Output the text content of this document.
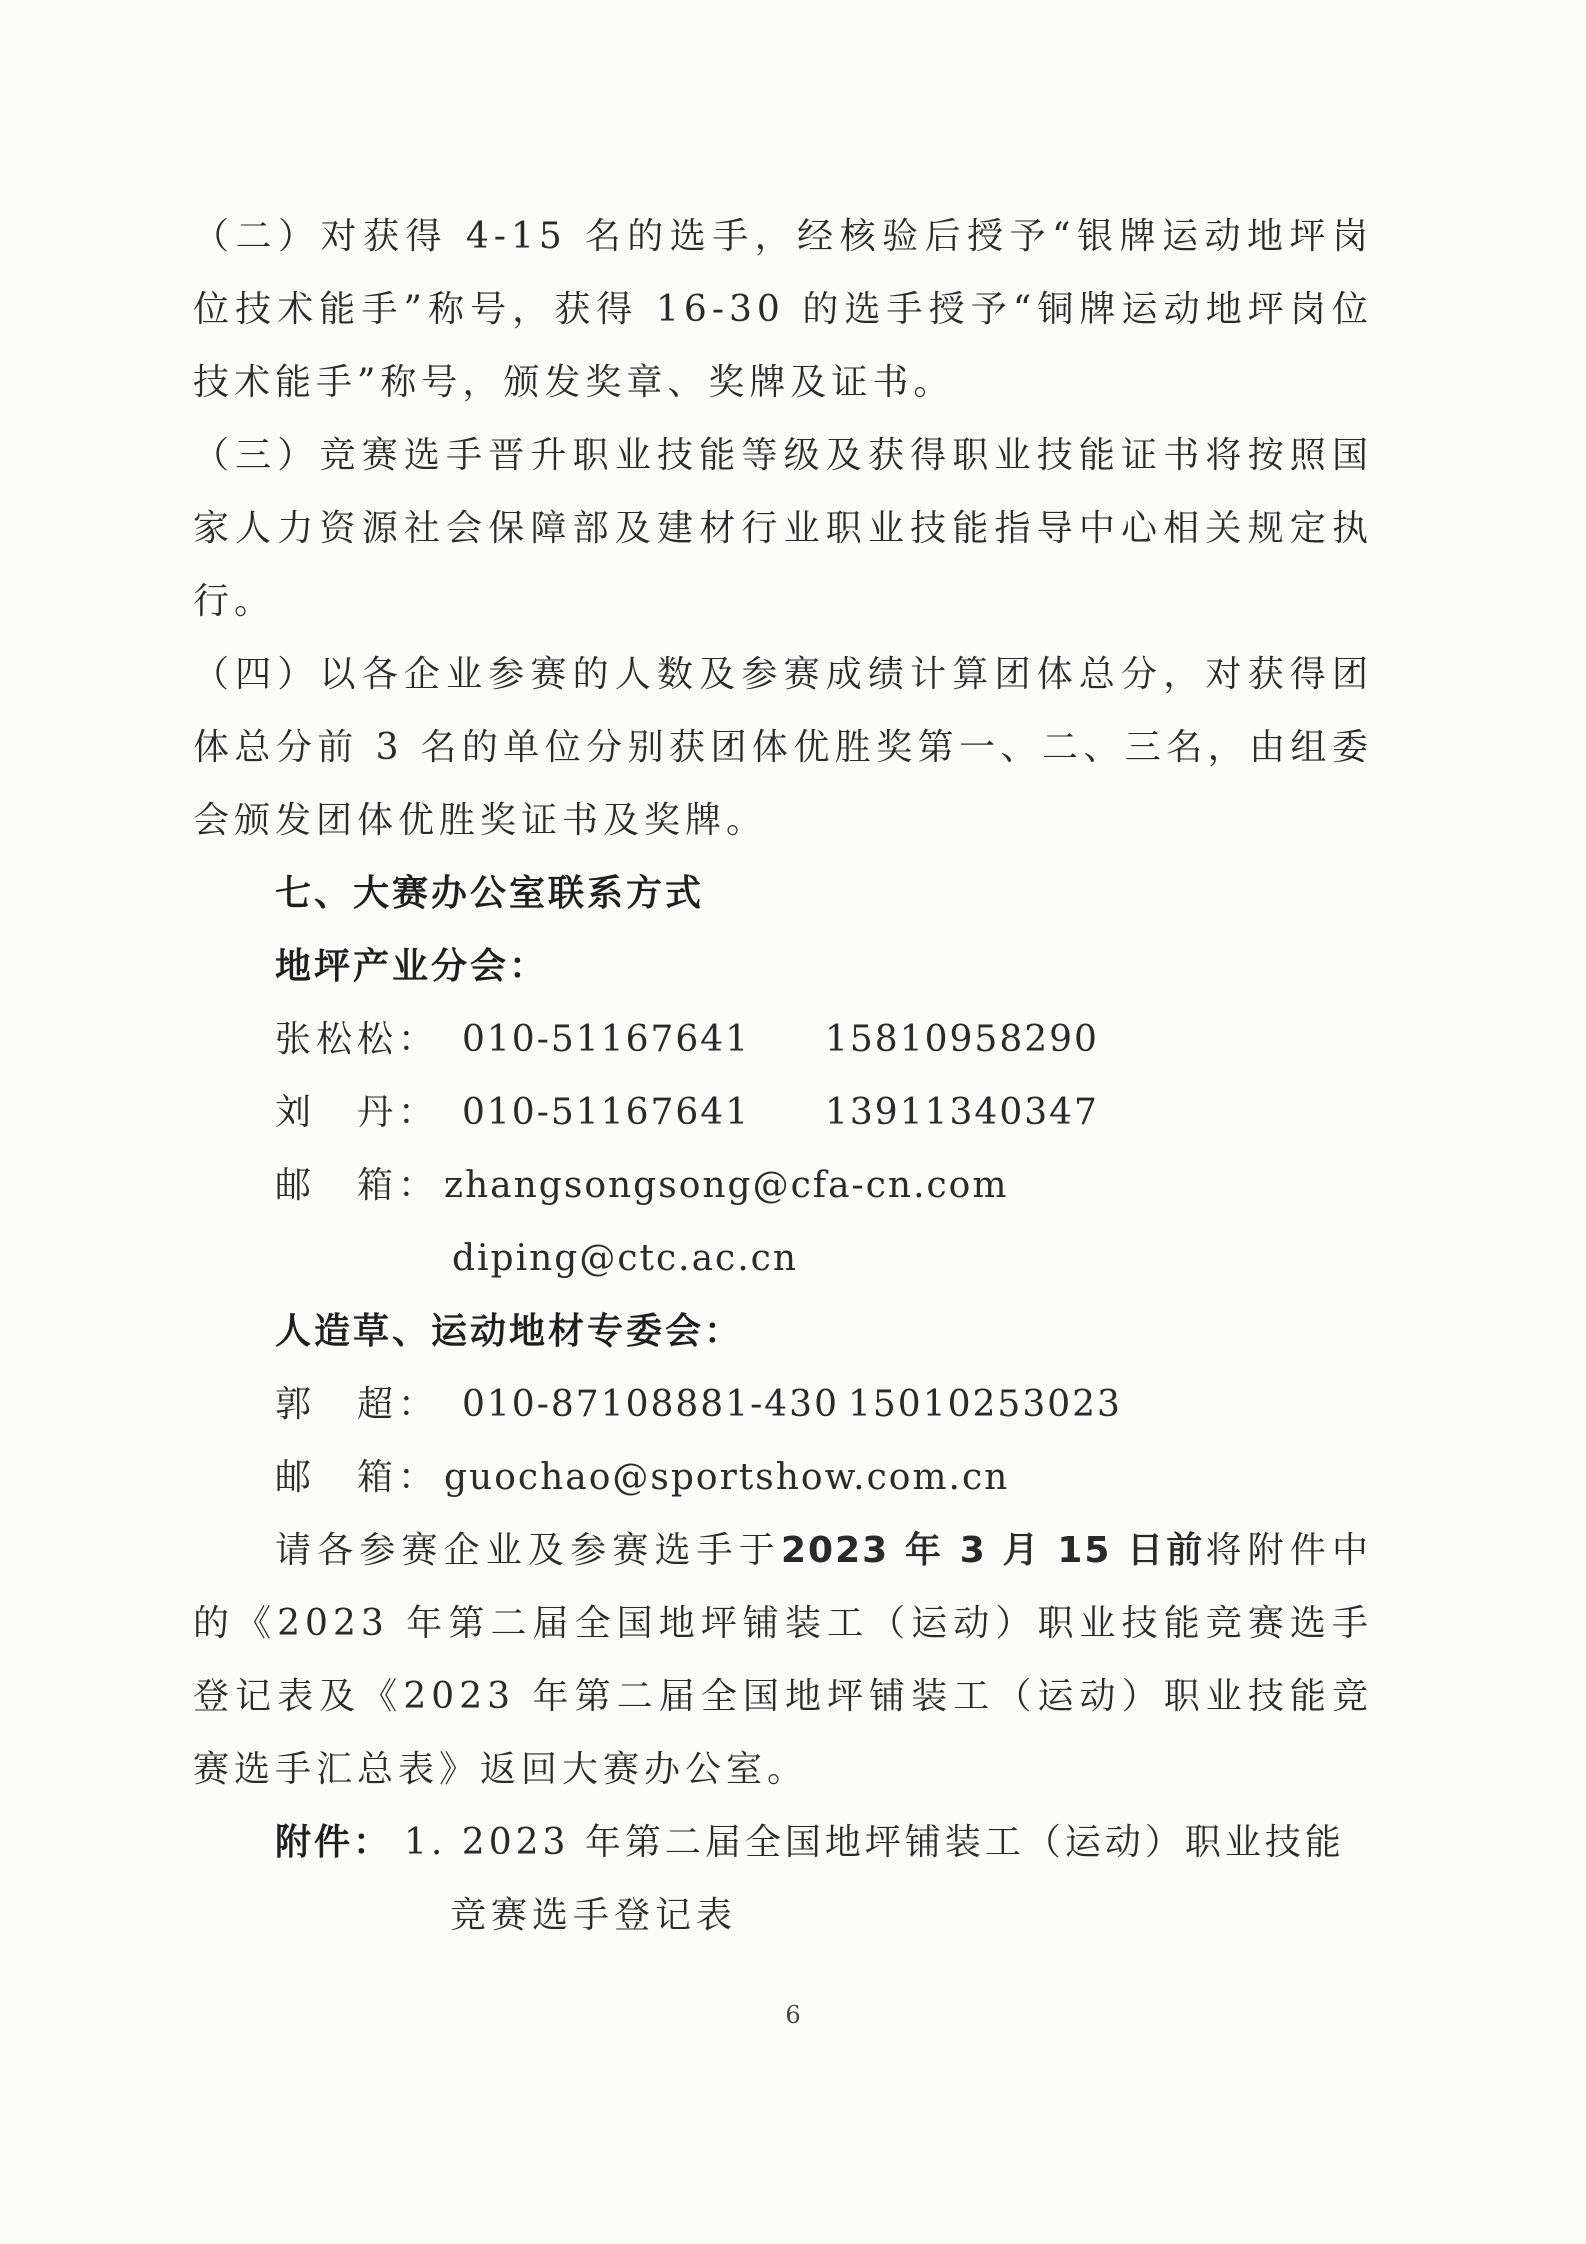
（二）对获得 4-15 名的选手，经核验后授予“银牌运动地坪岗位技术能手”称号，获得 16-30 的选手授予“铜牌运动地坪岗位技术能手”称号，颁发奖章、奖牌及证书。
（三）竞赛选手晋升职业技能等级及获得职业技能证书将按照国家人力资源社会保障部及建材行业职业技能指导中心相关规定执行。
（四）以各企业参赛的人数及参赛成绩计算团体总分，对获得团体总分前 3 名的单位分别获团体优胜奖第一、二、三名，由组委会颁发团体优胜奖证书及奖牌。
七、大赛办公室联系方式
地坪产业分会：
张松松： 010-51167641 15810958290
刘　丹： 010-51167641 13911340347
邮　箱： zhangsongsong@cfa-cn.com
diping@ctc.ac.cn
人造草、运动地材专委会：
郭　超： 010-87108881-430 15010253023
邮　箱： guochao@sportshow.com.cn
请各参赛企业及参赛选手于2023 年 3 月 15 日前将附件中的《2023 年第二届全国地坪铺装工（运动）职业技能竞赛选手登记表及《2023 年第二届全国地坪铺装工（运动）职业技能竞赛选手汇总表》返回大赛办公室。
附件： 1. 2023 年第二届全国地坪铺装工（运动）职业技能
竞赛选手登记表
6
